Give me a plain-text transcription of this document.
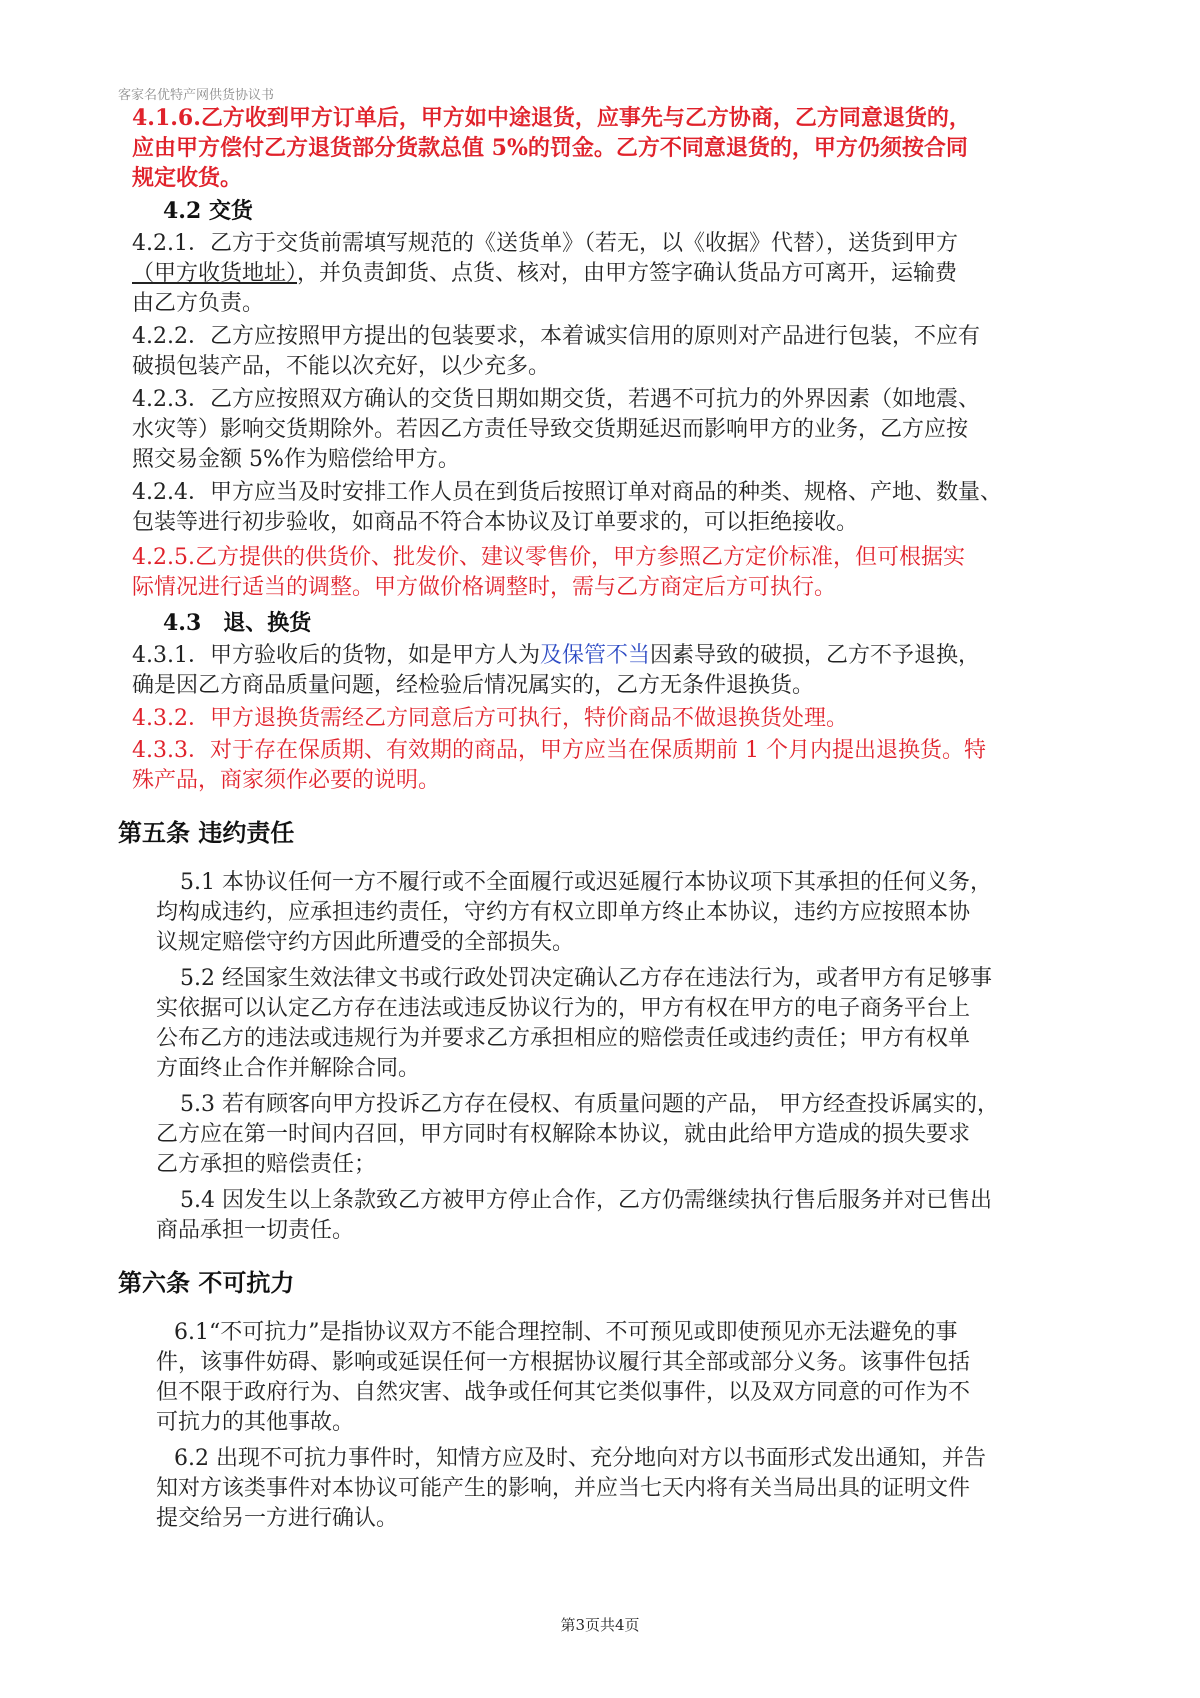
客家名优特产网供货协议书
4.1.6.乙方收到甲方订单后，甲方如中途退货，应事先与乙方协商，乙方同意退货的，
应由甲方偿付乙方退货部分货款总值 5%的罚金。乙方不同意退货的，甲方仍须按合同
规定收货。
4.2 交货
4.2.1．乙方于交货前需填写规范的《送货单》（若无，以《收据》代替），送货到甲方
（甲方收货地址），并负责卸货、点货、核对，由甲方签字确认货品方可离开，运输费
由乙方负责。
4.2.2．乙方应按照甲方提出的包装要求，本着诚实信用的原则对产品进行包装，不应有
破损包装产品，不能以次充好，以少充多。
4.2.3．乙方应按照双方确认的交货日期如期交货，若遇不可抗力的外界因素（如地震、
水灾等）影响交货期除外。若因乙方责任导致交货期延迟而影响甲方的业务，乙方应按
照交易金额 5%作为赔偿给甲方。
4.2.4．甲方应当及时安排工作人员在到货后按照订单对商品的种类、规格、产地、数量、
包装等进行初步验收，如商品不符合本协议及订单要求的，可以拒绝接收。
4.2.5.乙方提供的供货价、批发价、建议零售价，甲方参照乙方定价标准，但可根据实
际情况进行适当的调整。甲方做价格调整时，需与乙方商定后方可执行。
4.3　退、换货
4.3.1．甲方验收后的货物，如是甲方人为及保管不当因素导致的破损，乙方不予退换，
确是因乙方商品质量问题，经检验后情况属实的，乙方无条件退换货。
4.3.2．甲方退换货需经乙方同意后方可执行，特价商品不做退换货处理。
4.3.3．对于存在保质期、有效期的商品，甲方应当在保质期前 1 个月内提出退换货。特
殊产品，商家须作必要的说明。
第五条 违约责任
5.1 本协议任何一方不履行或不全面履行或迟延履行本协议项下其承担的任何义务，
均构成违约，应承担违约责任，守约方有权立即单方终止本协议，违约方应按照本协
议规定赔偿守约方因此所遭受的全部损失。
5.2 经国家生效法律文书或行政处罚决定确认乙方存在违法行为，或者甲方有足够事
实依据可以认定乙方存在违法或违反协议行为的，甲方有权在甲方的电子商务平台上
公布乙方的违法或违规行为并要求乙方承担相应的赔偿责任或违约责任；甲方有权单
方面终止合作并解除合同。
5.3 若有顾客向甲方投诉乙方存在侵权、有质量问题的产品， 甲方经查投诉属实的，
乙方应在第一时间内召回，甲方同时有权解除本协议，就由此给甲方造成的损失要求
乙方承担的赔偿责任；
5.4 因发生以上条款致乙方被甲方停止合作，乙方仍需继续执行售后服务并对已售出
商品承担一切责任。
第六条 不可抗力
6.1“不可抗力”是指协议双方不能合理控制、不可预见或即使预见亦无法避免的事
件，该事件妨碍、影响或延误任何一方根据协议履行其全部或部分义务。该事件包括
但不限于政府行为、自然灾害、战争或任何其它类似事件，以及双方同意的可作为不
可抗力的其他事故。
6.2 出现不可抗力事件时，知情方应及时、充分地向对方以书面形式发出通知，并告
知对方该类事件对本协议可能产生的影响，并应当七天内将有关当局出具的证明文件
提交给另一方进行确认。
第3页共4页
